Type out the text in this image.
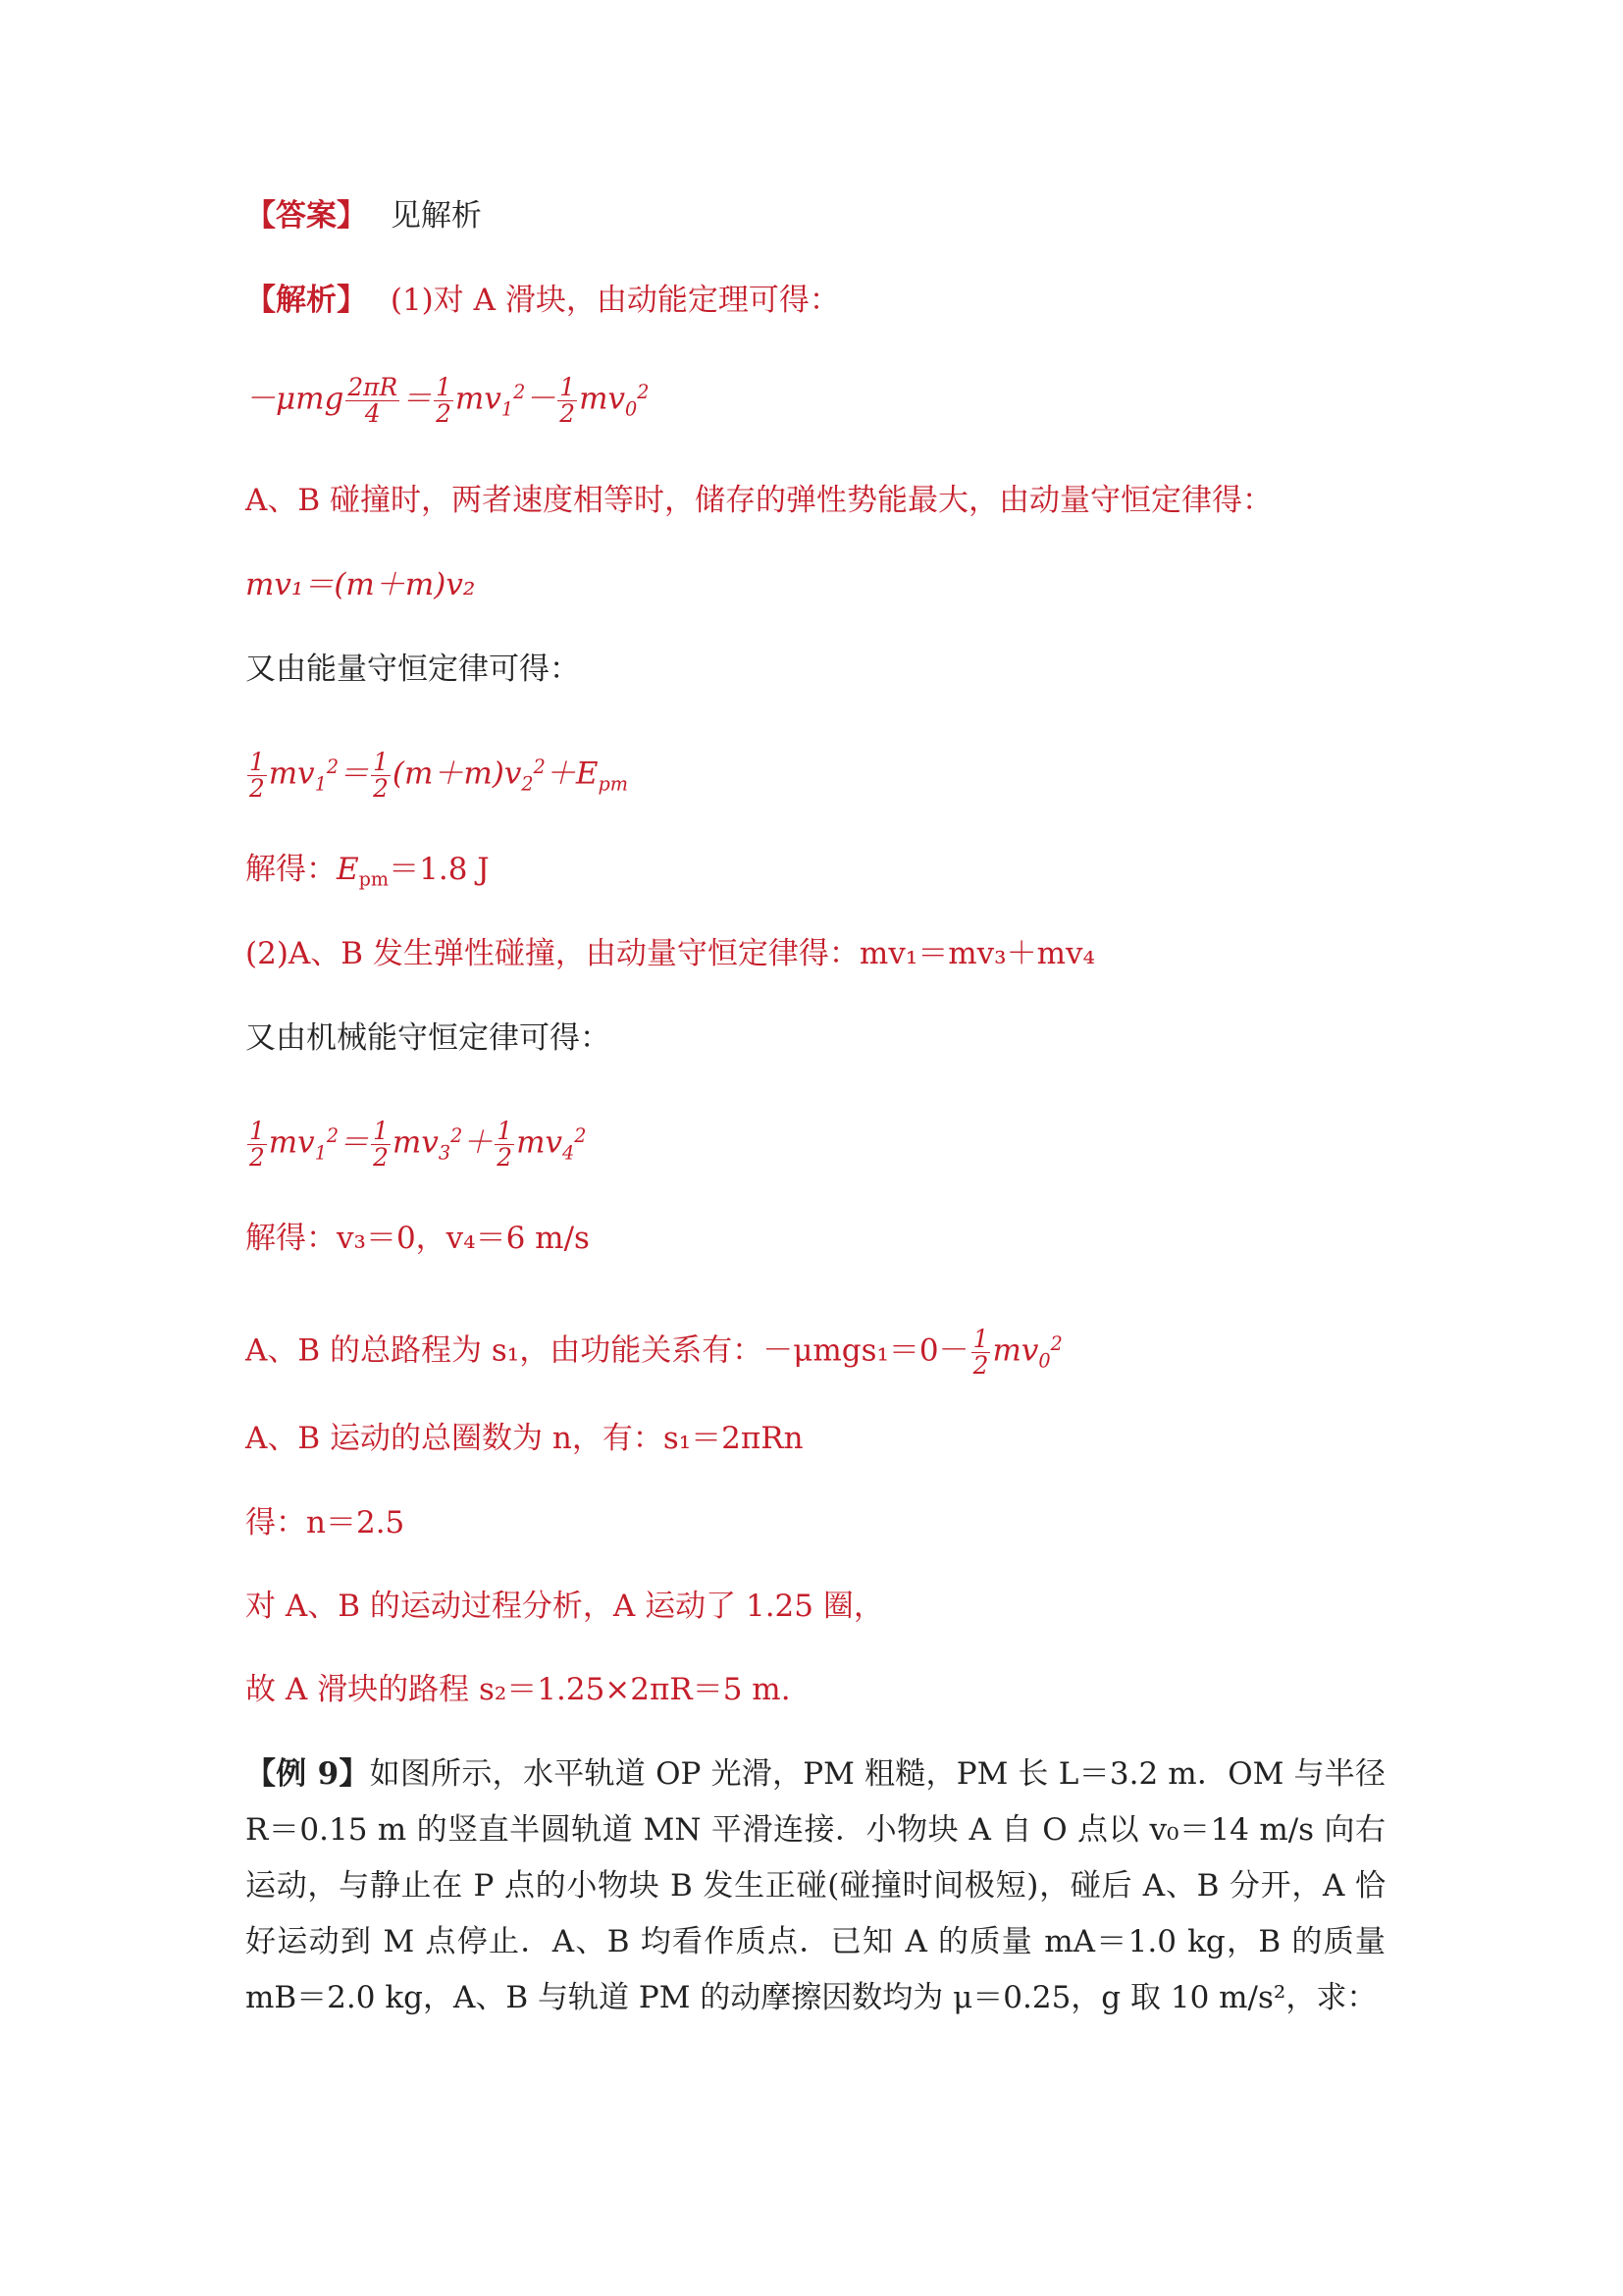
【答案】 见解析
【解析】 (1)对 A 滑块，由动能定理可得：
$-\mu mg \frac{2\pi R}{4} = \frac{1}{2} mv_1^2- \frac{1}{2} mv_0^2$
A、B 碰撞时，两者速度相等时，储存的弹性势能最大，由动量守恒定律得：
mv₁＝(m＋m)v₂
又由能量守恒定律可得：
$\frac{1}{2} mv_1^2= \frac{1}{2} (m+m)v_2^2+E_{pm}$
解得：$E_{pm}=1.8$ J
(2)A、B 发生弹性碰撞，由动量守恒定律得：mv₁＝mv₃＋mv₄
又由机械能守恒定律可得：
$\frac{1}{2} mv_1^2= \frac{1}{2} mv_3^2+ \frac{1}{2} mv_4^2$
解得：v₃＝0，v₄＝6 m/s
A、B 的总路程为 s₁，由功能关系有：$-\mu mgs_1=0- \frac{1}{2} mv_0^2$
A、B 运动的总圈数为 n，有：s₁＝2πRn
得：n＝2.5
对 A、B 的运动过程分析，A 运动了 1.25 圈，
故 A 滑块的路程 s₂＝1.25×2πR＝5 m.
【例 9】如图所示，水平轨道 OP 光滑，PM 粗糙，PM 长 L＝3.2 m．OM 与半径 R＝0.15 m 的竖直半圆轨道 MN 平滑连接．小物块 A 自 O 点以 v₀＝14 m/s 向右运动，与静止在 P 点的小物块 B 发生正碰(碰撞时间极短)，碰后 A、B 分开，A 恰好运动到 M 点停止．A、B 均看作质点．已知 A 的质量 mA＝1.0 kg，B 的质量 mB＝2.0 kg，A、B 与轨道 PM 的动摩擦因数均为 μ＝0.25，g 取 10 m/s²，求：
